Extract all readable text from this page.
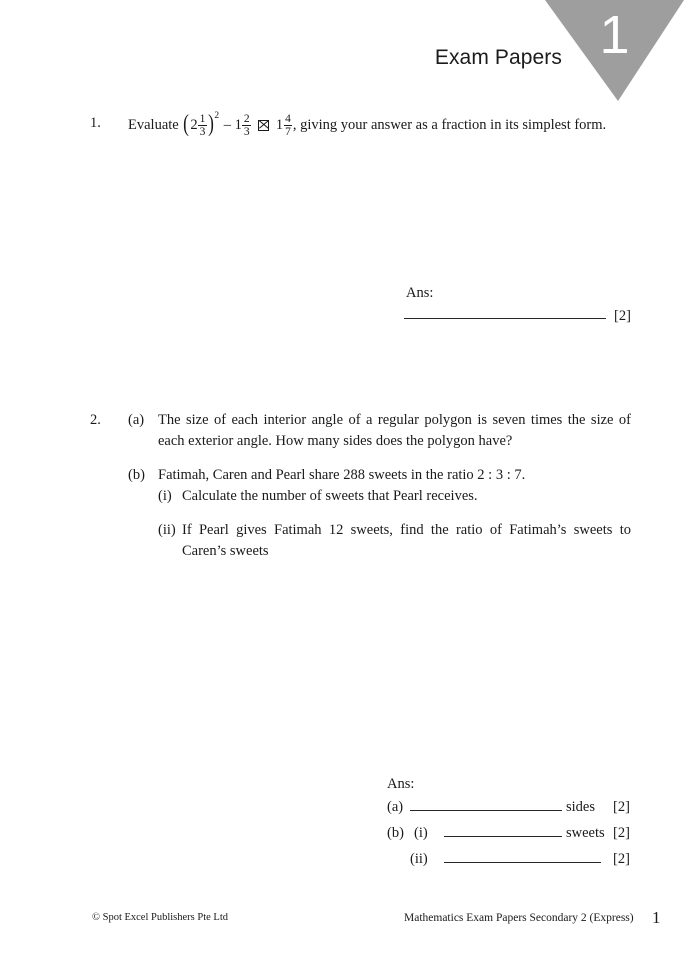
1
Exam Papers
1. Evaluate $(2 \frac{1}{3} )2 - 1 \frac{2}{3} 1 \frac{4}{7}$ , giving your answer as a fraction in its simplest form.
Ans:
[2]
2. (a) The size of each interior angle of a regular polygon is seven times the size of each exterior angle. How many sides does the polygon have?
(b) Fatimah, Caren and Pearl share 288 sweets in the ratio 2 : 3 : 7.
(i) Calculate the number of sweets that Pearl receives.
(ii) If Pearl gives Fatimah 12 sweets, find the ratio of Fatimah’s sweets to Caren’s sweets
Ans:
(a)	sides [2]
(b) (i)	sweets [2]
(ii)	[2]
© Spot Excel Publishers Pte Ltd	Mathematics Exam Papers Secondary 2 (Express) 1
